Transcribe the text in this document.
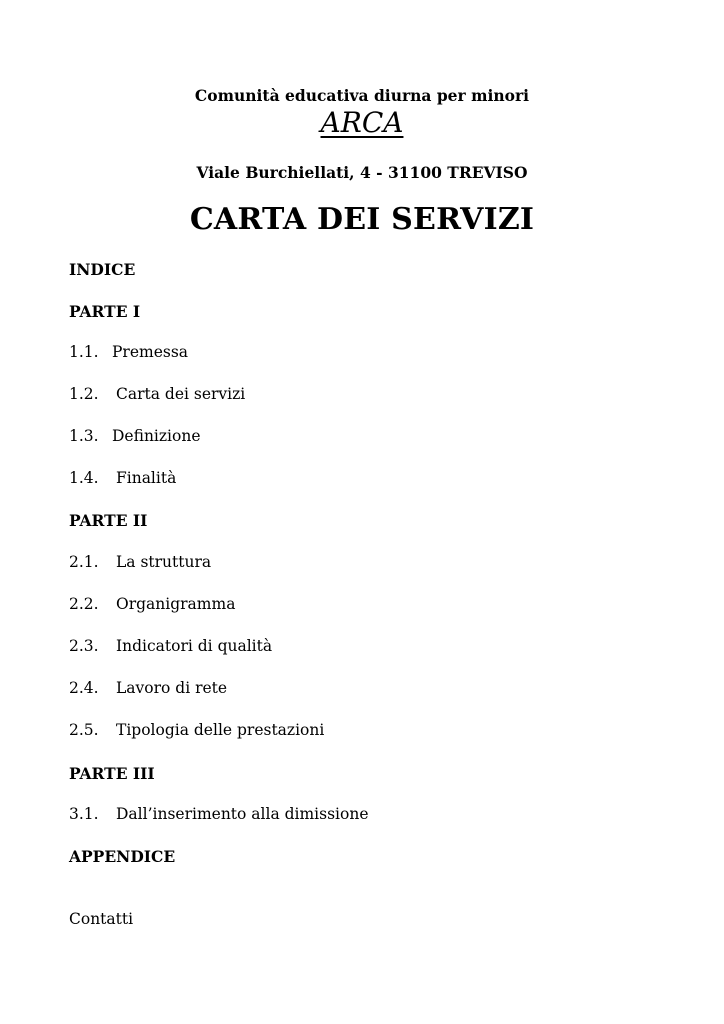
Comunità educativa diurna per minori
ARCA
Viale Burchiellati, 4 - 31100 TREVISO
CARTA DEI SERVIZI
INDICE
PARTE I
1.1. Premessa
1.2. Carta dei servizi
1.3. Definizione
1.4. Finalità
PARTE II
2.1. La struttura
2.2. Organigramma
2.3. Indicatori di qualità
2.4. Lavoro di rete
2.5. Tipologia delle prestazioni
PARTE III
3.1. Dall’inserimento alla dimissione
APPENDICE
Contatti
